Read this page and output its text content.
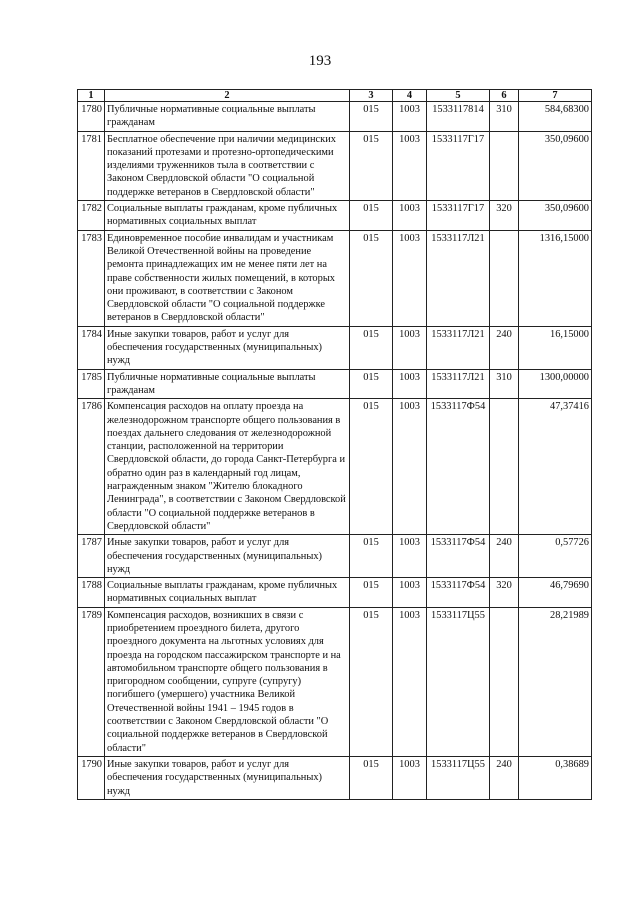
193
1	2	3	4	5	6	7
1780	Публичные нормативные социальные выплаты гражданам	015	1003	1533117814	310	584,68300
1781	Бесплатное обеспечение при наличии медицинских показаний протезами и протезно-ортопедическими изделиями труженников тыла в соответствии с Законом Свердловской области "О социальной поддержке ветеранов в Свердловской области"	015	1003	1533117Г17		350,09600
1782	Социальные выплаты гражданам, кроме публичных нормативных социальных выплат	015	1003	1533117Г17	320	350,09600
1783	Единовременное пособие инвалидам и участникам Великой Отечественной войны на проведение ремонта принадлежащих им не менее пяти лет на праве собственности жилых помещений, в которых они проживают, в соответствии с Законом Свердловской области "О социальной поддержке ветеранов в Свердловской области"	015	1003	1533117Л21		1316,15000
1784	Иные закупки товаров, работ и услуг для обеспечения государственных (муниципальных) нужд	015	1003	1533117Л21	240	16,15000
1785	Публичные нормативные социальные выплаты гражданам	015	1003	1533117Л21	310	1300,00000
1786	Компенсация расходов на оплату проезда на железнодорожном транспорте общего пользования в поездах дальнего следования от железнодорожной станции, расположенной на территории Свердловской области, до города Санкт-Петербурга и обратно один раз в календарный год лицам, награжденным знаком "Жителю блокадного Ленинграда", в соответствии с Законом Свердловской области "О социальной поддержке ветеранов в Свердловской области"	015	1003	1533117Ф54		47,37416
1787	Иные закупки товаров, работ и услуг для обеспечения государственных (муниципальных) нужд	015	1003	1533117Ф54	240	0,57726
1788	Социальные выплаты гражданам, кроме публичных нормативных социальных выплат	015	1003	1533117Ф54	320	46,79690
1789	Компенсация расходов, возникших в связи с приобретением проездного билета, другого проездного документа на льготных условиях для проезда на городском пассажирском транспорте и на автомобильном транспорте общего пользования в пригородном сообщении, супруге (супругу) погибшего (умершего) участника Великой Отечественной войны 1941 – 1945 годов в соответствии с Законом Свердловской области "О социальной поддержке ветеранов в Свердловской области"	015	1003	1533117Ц55		28,21989
1790	Иные закупки товаров, работ и услуг для обеспечения государственных (муниципальных) нужд	015	1003	1533117Ц55	240	0,38689
